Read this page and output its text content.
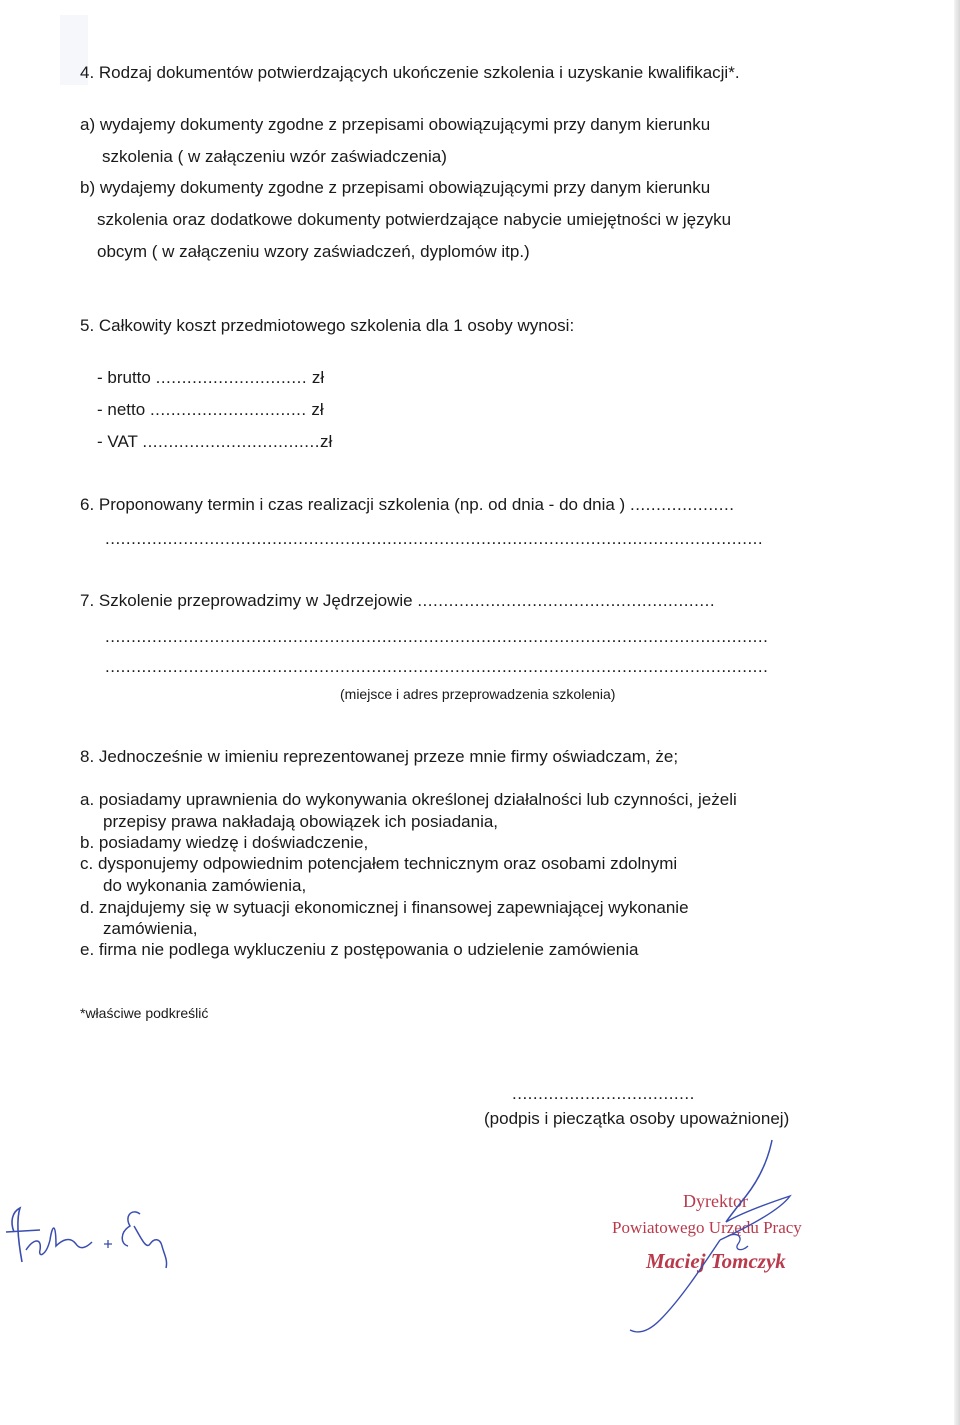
4. Rodzaj dokumentów potwierdzających ukończenie szkolenia i uzyskanie kwalifikacji*.
a) wydajemy dokumenty zgodne z przepisami obowiązującymi przy danym kierunku
szkolenia ( w załączeniu wzór zaświadczenia)
b) wydajemy dokumenty zgodne z przepisami obowiązującymi przy danym kierunku
szkolenia oraz dodatkowe dokumenty potwierdzające nabycie umiejętności w języku
obcym ( w załączeniu wzory zaświadczeń, dyplomów itp.)
5. Całkowity koszt przedmiotowego szkolenia dla 1 osoby wynosi:
- brutto ............................. zł
- netto .............................. zł
- VAT ..................................zł
6. Proponowany termin i czas realizacji szkolenia (np. od dnia - do dnia ) ....................
..............................................................................................................................
7. Szkolenie przeprowadzimy w Jędrzejowie .........................................................
...............................................................................................................................
...............................................................................................................................
(miejsce i adres przeprowadzenia szkolenia)
8. Jednocześnie w imieniu reprezentowanej przeze mnie firmy oświadczam, że;
a. posiadamy uprawnienia do wykonywania określonej działalności lub czynności, jeżeli
przepisy prawa nakładają obowiązek ich posiadania,
b. posiadamy wiedzę i doświadczenie,
c. dysponujemy odpowiednim potencjałem technicznym oraz osobami zdolnymi
do wykonania zamówienia,
d. znajdujemy się w sytuacji ekonomicznej i finansowej zapewniającej wykonanie
zamówienia,
e. firma nie podlega wykluczeniu z postępowania o udzielenie zamówienia
*właściwe podkreślić
...................................
(podpis i pieczątka osoby upoważnionej)
Dyrektor
Powiatowego Urzędu Pracy
Maciej Tomczyk
